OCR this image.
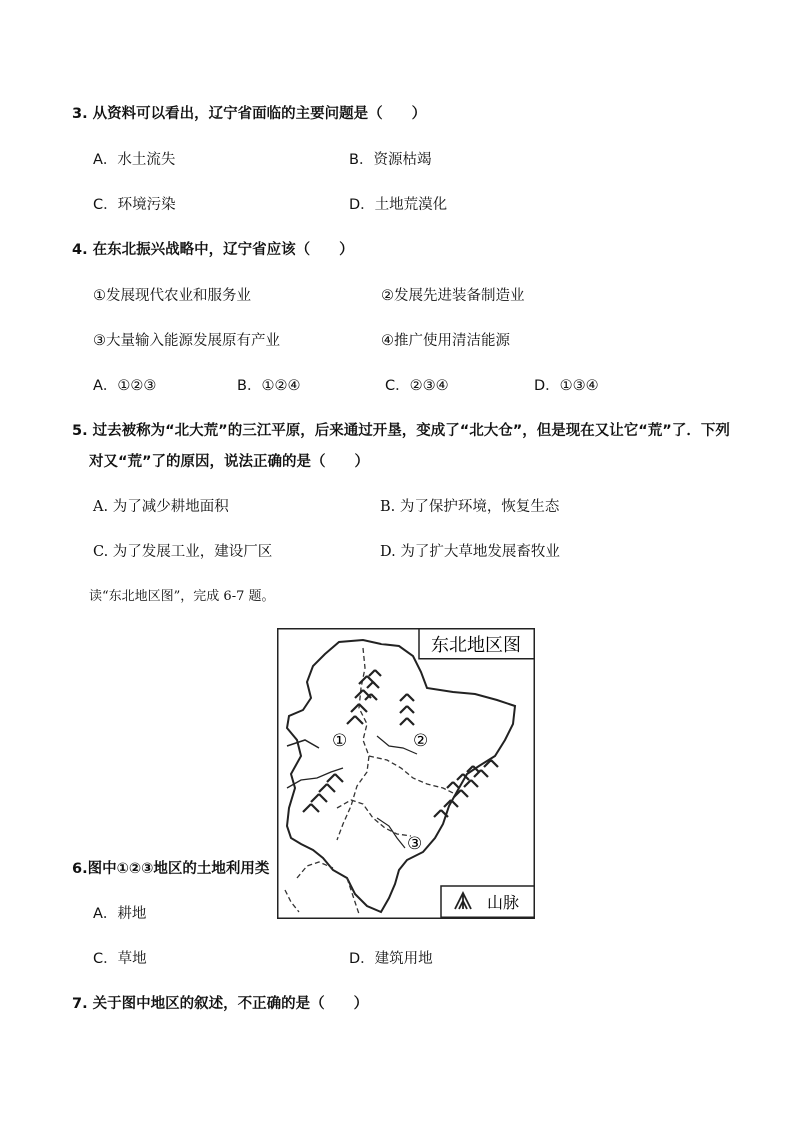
3. 从资料可以看出，辽宁省面临的主要问题是（　　）
A．水土流失	B．资源枯竭
C．环境污染	D．土地荒漠化
4. 在东北振兴战略中，辽宁省应该（　　）
①发展现代农业和服务业	②发展先进装备制造业
③大量输入能源发展原有产业	④推广使用清洁能源
A．①②③	B．①②④	C．②③④	D．①③④
5. 过去被称为“北大荒”的三江平原，后来通过开垦，变成了“北大仓”，但是现在又让它“荒”了．下列
对又“荒”了的原因，说法正确的是（　　）
A. 为了减少耕地面积	B. 为了保护环境，恢复生态
C. 为了发展工业，建设厂区	D. 为了扩大草地发展畜牧业
读“东北地区图”，完成 6-7 题。
6.图中①②③地区的土地利用类
A．耕地
C．草地	D．建筑用地
7. 关于图中地区的叙述，不正确的是（　　）
东北地区图
山脉
①	②
③
